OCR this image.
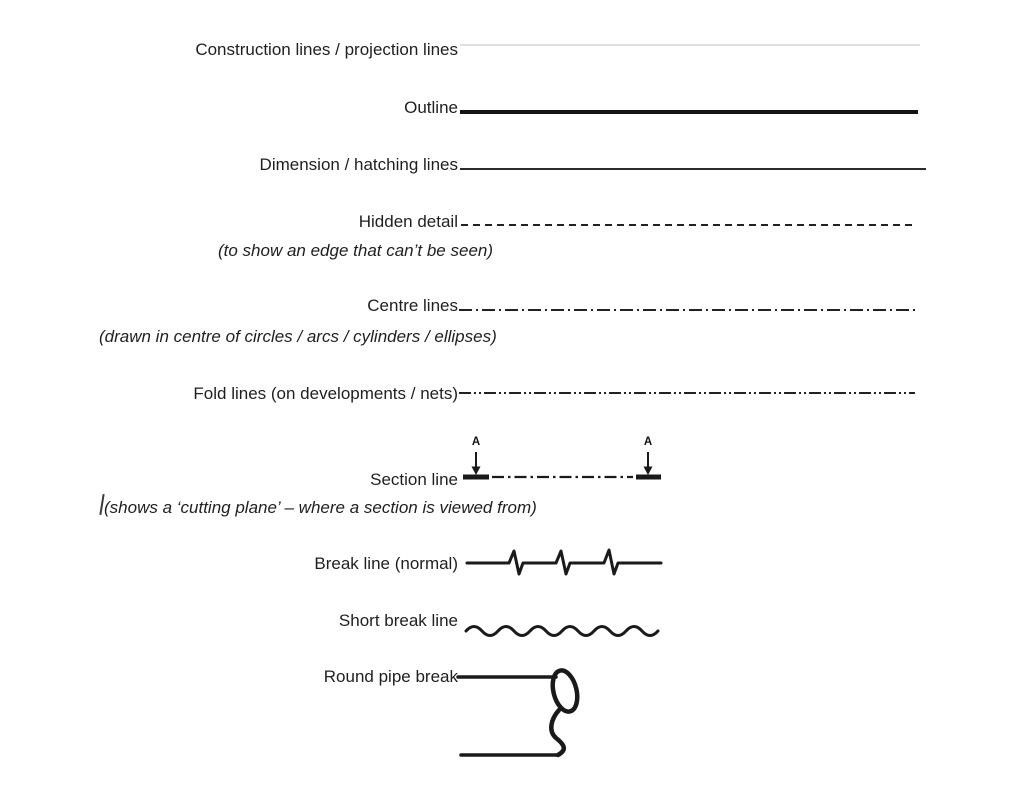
Construction lines / projection lines
Outline
Dimension / hatching lines
Hidden detail
(to show an edge that can’t be seen)
Centre lines
(drawn in centre of circles / arcs / cylinders / ellipses)
Fold lines (on developments / nets)
Section line
A	A
(shows a ‘cutting plane’ – where a section is viewed from)
Break line (normal)
Short break line
Round pipe break
